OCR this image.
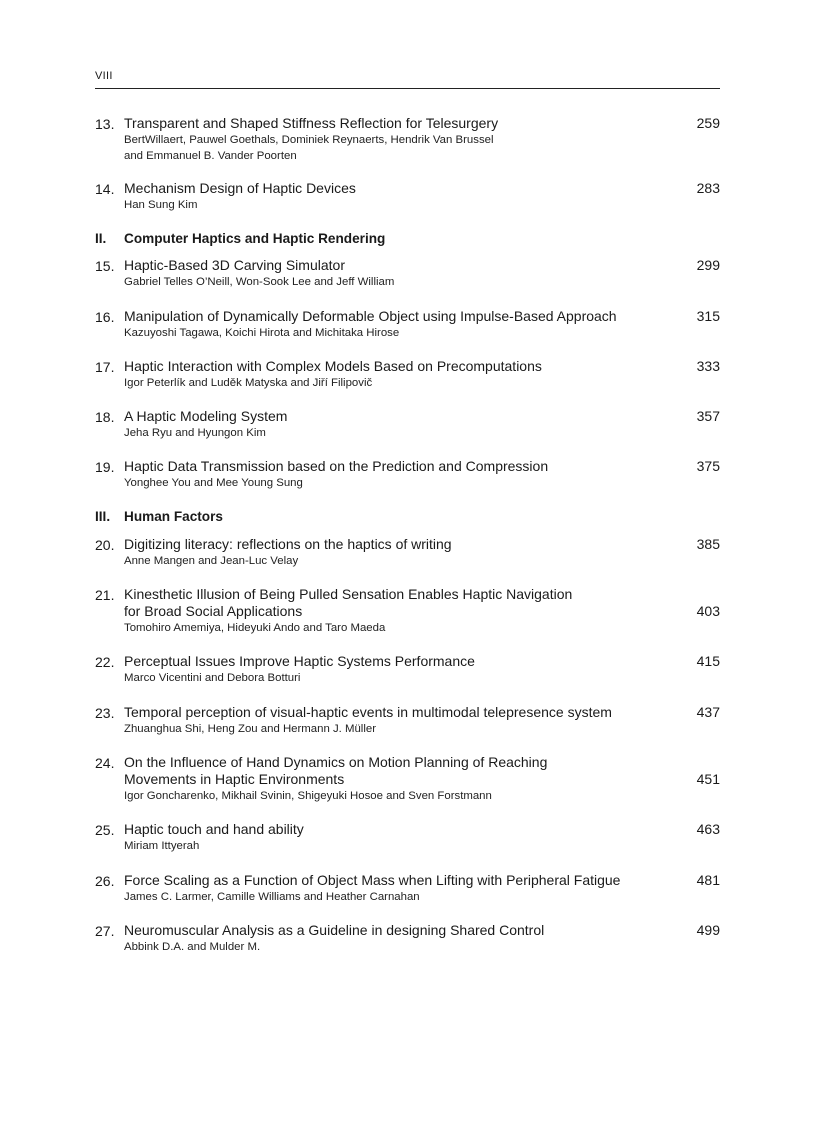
VIII
13. Transparent and Shaped Stiffness Reflection for Telesurgery
BertWillaert, Pauwel Goethals, Dominiek Reynaerts, Hendrik Van Brussel
and Emmanuel B. Vander Poorten
259
14. Mechanism Design of Haptic Devices
Han Sung Kim
283
II. Computer Haptics and Haptic Rendering
15. Haptic-Based 3D Carving Simulator
Gabriel Telles O’Neill, Won-Sook Lee and Jeff William
299
16. Manipulation of Dynamically Deformable Object using Impulse-Based Approach
Kazuyoshi Tagawa, Koichi Hirota and Michitaka Hirose
315
17. Haptic Interaction with Complex Models Based on Precomputations
Igor Peterlík and Luděk Matyska and Jiří Filipovič
333
18. A Haptic Modeling System
Jeha Ryu and Hyungon Kim
357
19. Haptic Data Transmission based on the Prediction and Compression
Yonghee You and Mee Young Sung
375
III. Human Factors
20. Digitizing literacy: reflections on the haptics of writing
Anne Mangen and Jean-Luc Velay
385
21. Kinesthetic Illusion of Being Pulled Sensation Enables Haptic Navigation
for Broad Social Applications
Tomohiro Amemiya, Hideyuki Ando and Taro Maeda
403
22. Perceptual Issues Improve Haptic Systems Performance
Marco Vicentini and Debora Botturi
415
23. Temporal perception of visual-haptic events in multimodal telepresence system
Zhuanghua Shi, Heng Zou and Hermann J. Müller
437
24. On the Influence of Hand Dynamics on Motion Planning of Reaching
Movements in Haptic Environments
Igor Goncharenko, Mikhail Svinin, Shigeyuki Hosoe and Sven Forstmann
451
25. Haptic touch and hand ability
Miriam Ittyerah
463
26. Force Scaling as a Function of Object Mass when Lifting with Peripheral Fatigue
James C. Larmer, Camille Williams and Heather Carnahan
481
27. Neuromuscular Analysis as a Guideline in designing Shared Control
Abbink D.A. and Mulder M.
499
